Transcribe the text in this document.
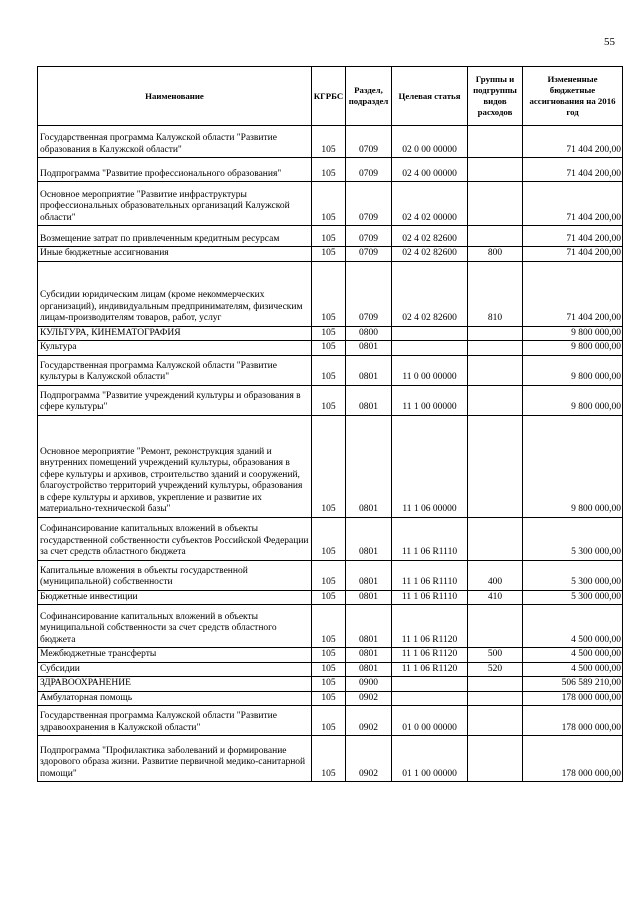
55
Наименование	КГРБС	Раздел, подраздел	Целевая статья	Группы и подгруппы видов расходов	Измененные бюджетные ассигнования на 2016 год
Государственная программа Калужской области "Развитие образования в Калужской области"	105	0709	02 0 00 00000		71 404 200,00
Подпрограмма "Развитие профессионального образования"	105	0709	02 4 00 00000		71 404 200,00
Основное мероприятие "Развитие инфраструктуры профессиональных образовательных организаций Калужской области"	105	0709	02 4 02 00000		71 404 200,00
Возмещение затрат по привлеченным кредитным ресурсам	105	0709	02 4 02 82600		71 404 200,00
Иные бюджетные ассигнования	105	0709	02 4 02 82600	800	71 404 200,00
Субсидии юридическим лицам (кроме некоммерческих организаций), индивидуальным предпринимателям, физическим лицам-производителям товаров, работ, услуг	105	0709	02 4 02 82600	810	71 404 200,00
КУЛЬТУРА, КИНЕМАТОГРАФИЯ	105	0800			9 800 000,00
Культура	105	0801			9 800 000,00
Государственная программа Калужской области "Развитие культуры в Калужской области"	105	0801	11 0 00 00000		9 800 000,00
Подпрограмма "Развитие учреждений культуры и образования в сфере культуры"	105	0801	11 1 00 00000		9 800 000,00
Основное мероприятие "Ремонт, реконструкция зданий и внутренних помещений учреждений культуры, образования в сфере культуры и архивов, строительство зданий и сооружений, благоустройство территорий учреждений культуры, образования в сфере культуры и архивов, укрепление и развитие их материально-технической базы"	105	0801	11 1 06 00000		9 800 000,00
Софинансирование капитальных вложений в объекты государственной собственности субъектов Российской Федерации за счет средств областного бюджета	105	0801	11 1 06 R1110		5 300 000,00
Капитальные вложения в объекты государственной (муниципальной) собственности	105	0801	11 1 06 R1110	400	5 300 000,00
Бюджетные инвестиции	105	0801	11 1 06 R1110	410	5 300 000,00
Софинансирование капитальных вложений в объекты муниципальной собственности за счет средств областного бюджета	105	0801	11 1 06 R1120		4 500 000,00
Межбюджетные трансферты	105	0801	11 1 06 R1120	500	4 500 000,00
Субсидии	105	0801	11 1 06 R1120	520	4 500 000,00
ЗДРАВООХРАНЕНИЕ	105	0900			506 589 210,00
Амбулаторная помощь	105	0902			178 000 000,00
Государственная программа Калужской области "Развитие здравоохранения в Калужской области"	105	0902	01 0 00 00000		178 000 000,00
Подпрограмма "Профилактика заболеваний и формирование здорового образа жизни. Развитие первичной медико-санитарной помощи"	105	0902	01 1 00 00000		178 000 000,00
